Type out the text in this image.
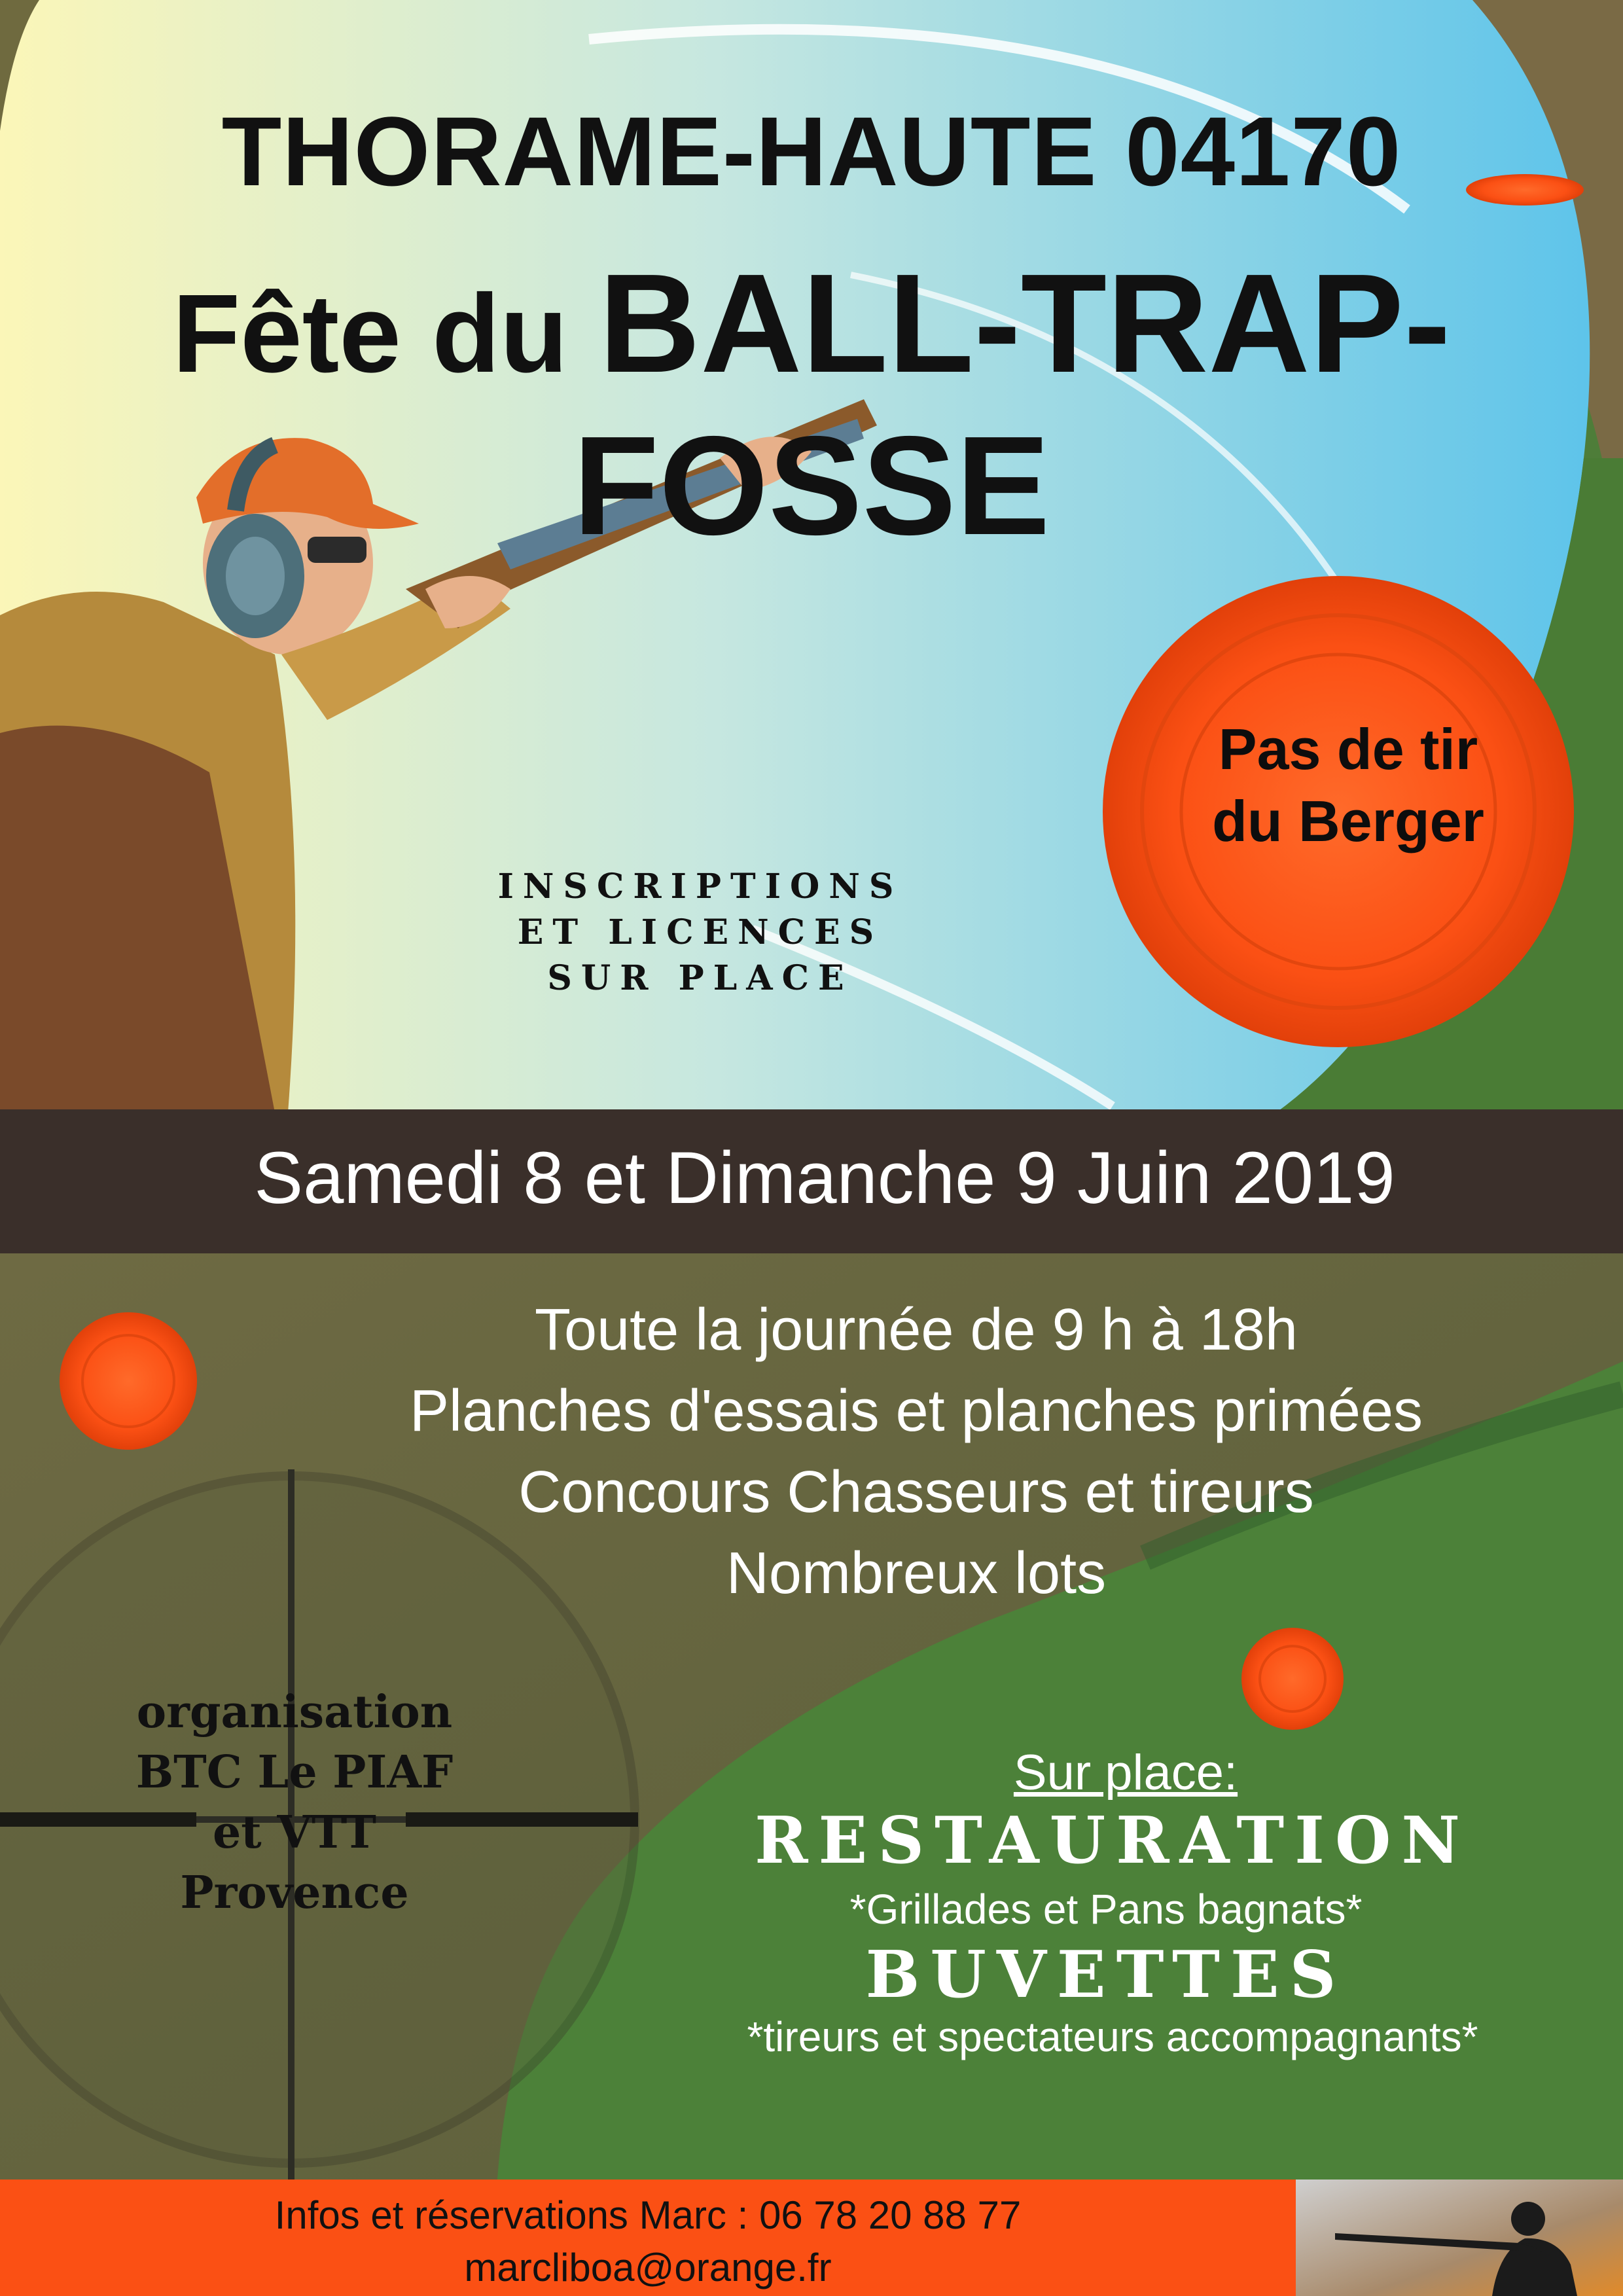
THORAME-HAUTE 04170
Fête du BALL-TRAP- FOSSE
INSCRIPTIONS
ET LICENCES
SUR PLACE
Pas de tir
du Berger
Samedi 8 et Dimanche 9 Juin 2019
Toute la journée de 9 h à 18h
Planches d'essais et planches primées
Concours Chasseurs et tireurs
Nombreux lots
organisation
BTC Le PIAF
et VTT
Provence
Sur place:
RESTAURATION
*Grillades et Pans bagnats*
BUVETTES
*tireurs et spectateurs accompagnants*
Infos et réservations Marc : 06 78 20 88 77
marcliboa@orange.fr
